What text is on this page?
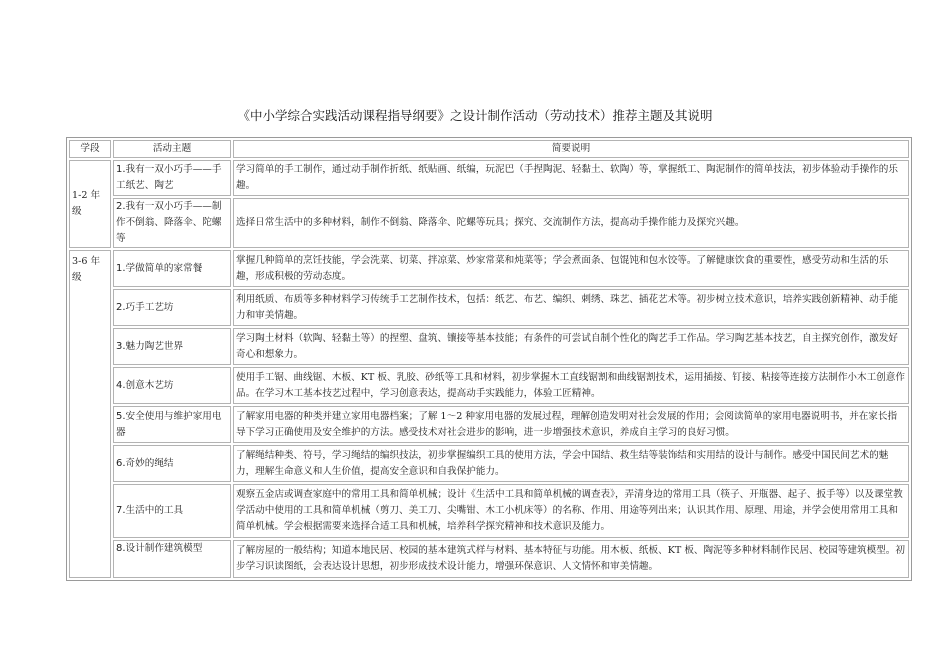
《中小学综合实践活动课程指导纲要》之设计制作活动（劳动技术）推荐主题及其说明
学段	活动主题	简要说明
1-2 年级	1.我有一双小巧手——手工纸艺、陶艺	学习简单的手工制作，通过动手制作折纸、纸贴画、纸编，玩泥巴（手捏陶泥、轻黏土、软陶）等，掌握纸工、陶泥制作的简单技法，初步体验动手操作的乐趣。
	2.我有一双小巧手——制作不倒翁、降落伞、陀螺等	选择日常生活中的多种材料，制作不倒翁、降落伞、陀螺等玩具；探究、交流制作方法，提高动手操作能力及探究兴趣。
3-6 年级	1.学做简单的家常餐	掌握几种简单的烹饪技能，学会洗菜、切菜、拌凉菜、炒家常菜和炖菜等；学会煮面条、包馄饨和包水饺等。了解健康饮食的重要性，感受劳动和生活的乐趣，形成积极的劳动态度。
	2.巧手工艺坊	利用纸质、布质等多种材料学习传统手工艺制作技术，包括：纸艺、布艺、编织、刺绣、珠艺、插花艺术等。初步树立技术意识，培养实践创新精神、动手能力和审美情趣。
	3.魅力陶艺世界	学习陶土材料（软陶、轻黏土等）的捏塑、盘筑、镶接等基本技能；有条件的可尝试自制个性化的陶艺手工作品。学习陶艺基本技艺，自主探究创作，激发好奇心和想象力。
	4.创意木艺坊	使用手工锯、曲线锯、木板、KT 板、乳胶、砂纸等工具和材料，初步掌握木工直线锯割和曲线锯割技术，运用插接、钉接、粘接等连接方法制作小木工创意作品。在学习木工基本技艺过程中，学习创意表达，提高动手实践能力，体验工匠精神。
	5.安全使用与维护家用电器	了解家用电器的种类并建立家用电器档案；了解 1～2 种家用电器的发展过程，理解创造发明对社会发展的作用；会阅读简单的家用电器说明书，并在家长指导下学习正确使用及安全维护的方法。感受技术对社会进步的影响，进一步增强技术意识，养成自主学习的良好习惯。
	6.奇妙的绳结	了解绳结种类、符号，学习绳结的编织技法，初步掌握编织工具的使用方法，学会中国结、救生结等装饰结和实用结的设计与制作。感受中国民间艺术的魅力，理解生命意义和人生价值，提高安全意识和自我保护能力。
	7.生活中的工具	观察五金店或调查家庭中的常用工具和简单机械；设计《生活中工具和简单机械的调查表》，弄清身边的常用工具（筷子、开瓶器、起子、扳手等）以及课堂教学活动中使用的工具和简单机械（剪刀、美工刀、尖嘴钳、木工小机床等）的名称、作用、用途等列出来；认识其作用、原理、用途，并学会使用常用工具和简单机械。学会根据需要来选择合适工具和机械，培养科学探究精神和技术意识及能力。
	8.设计制作建筑模型	了解房屋的一般结构；知道本地民居、校园的基本建筑式样与材料、基本特征与功能。用木板、纸板、KT 板、陶泥等多种材料制作民居、校园等建筑模型。初步学习识读图纸，会表达设计思想，初步形成技术设计能力，增强环保意识、人文情怀和审美情趣。
